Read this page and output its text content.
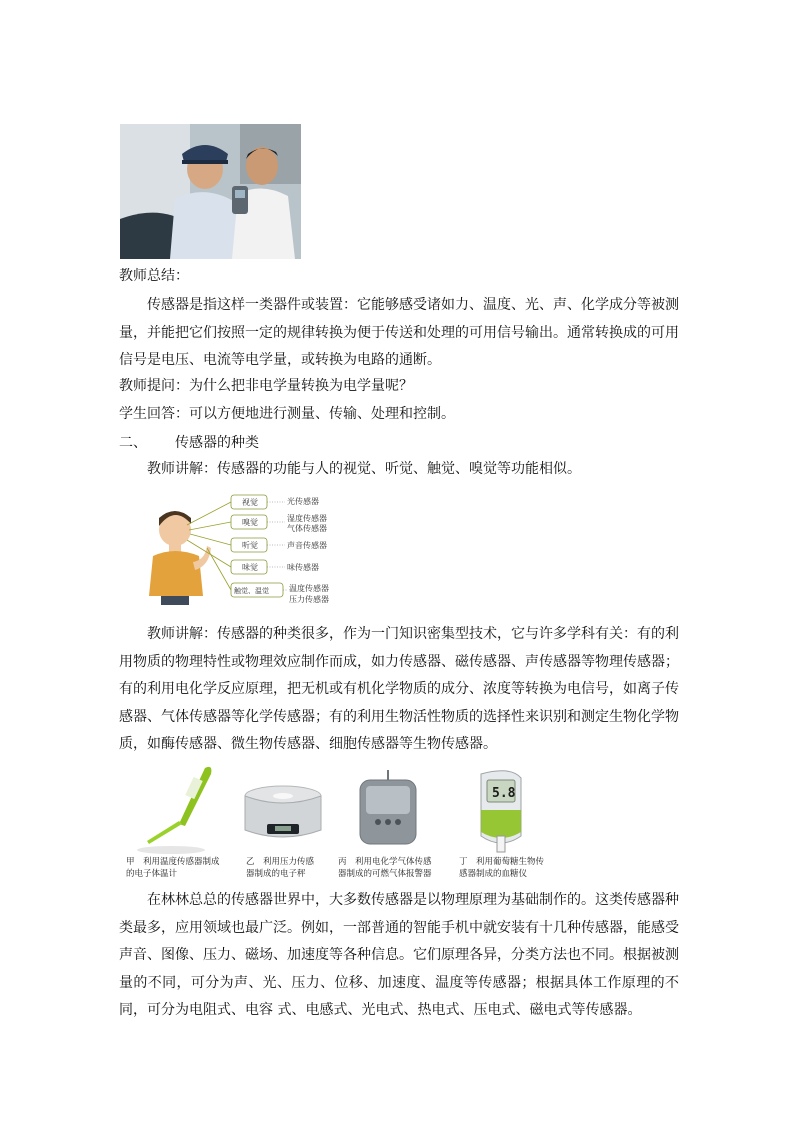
教师总结：
传感器是指这样一类器件或装置：它能够感受诸如力、温度、光、声、化学成分等被测量，并能把它们按照一定的规律转换为便于传送和处理的可用信号输出。通常转换成的可用信号是电压、电流等电学量，或转换为电路的通断。
教师提问：为什么把非电学量转换为电学量呢？
学生回答：可以方便地进行测量、传输、处理和控制。
二、 传感器的种类
教师讲解：传感器的功能与人的视觉、听觉、触觉、嗅觉等功能相似。
视觉
嗅觉
听觉
味觉
触觉、温觉
光传感器
湿度传感器
气体传感器
声音传感器
味传感器
温度传感器
压力传感器
教师讲解：传感器的种类很多，作为一门知识密集型技术，它与许多学科有关：有的利用物质的物理特性或物理效应制作而成，如力传感器、磁传感器、声传感器等物理传感器；有的利用电化学反应原理，把无机或有机化学物质的成分、浓度等转换为电信号，如离子传感器、气体传感器等化学传感器；有的利用生物活性物质的选择性来识别和测定生物化学物质，如酶传感器、微生物传感器、细胞传感器等生物传感器。
5.8
甲　利用温度传感器制成
的电子体温计
乙　利用压力传感
器制成的电子秤
丙　利用电化学气体传感
器制成的可燃气体报警器
丁　利用葡萄糖生物传
感器制成的血糖仪
在林林总总的传感器世界中，大多数传感器是以物理原理为基础制作的。这类传感器种类最多，应用领域也最广泛。例如，一部普通的智能手机中就安装有十几种传感器，能感受声音、图像、压力、磁场、加速度等各种信息。它们原理各异，分类方法也不同。根据被测量的不同，可分为声、光、压力、位移、加速度、温度等传感器；根据具体工作原理的不同，可分为电阻式、电容 式、电感式、光电式、热电式、压电式、磁电式等传感器。
